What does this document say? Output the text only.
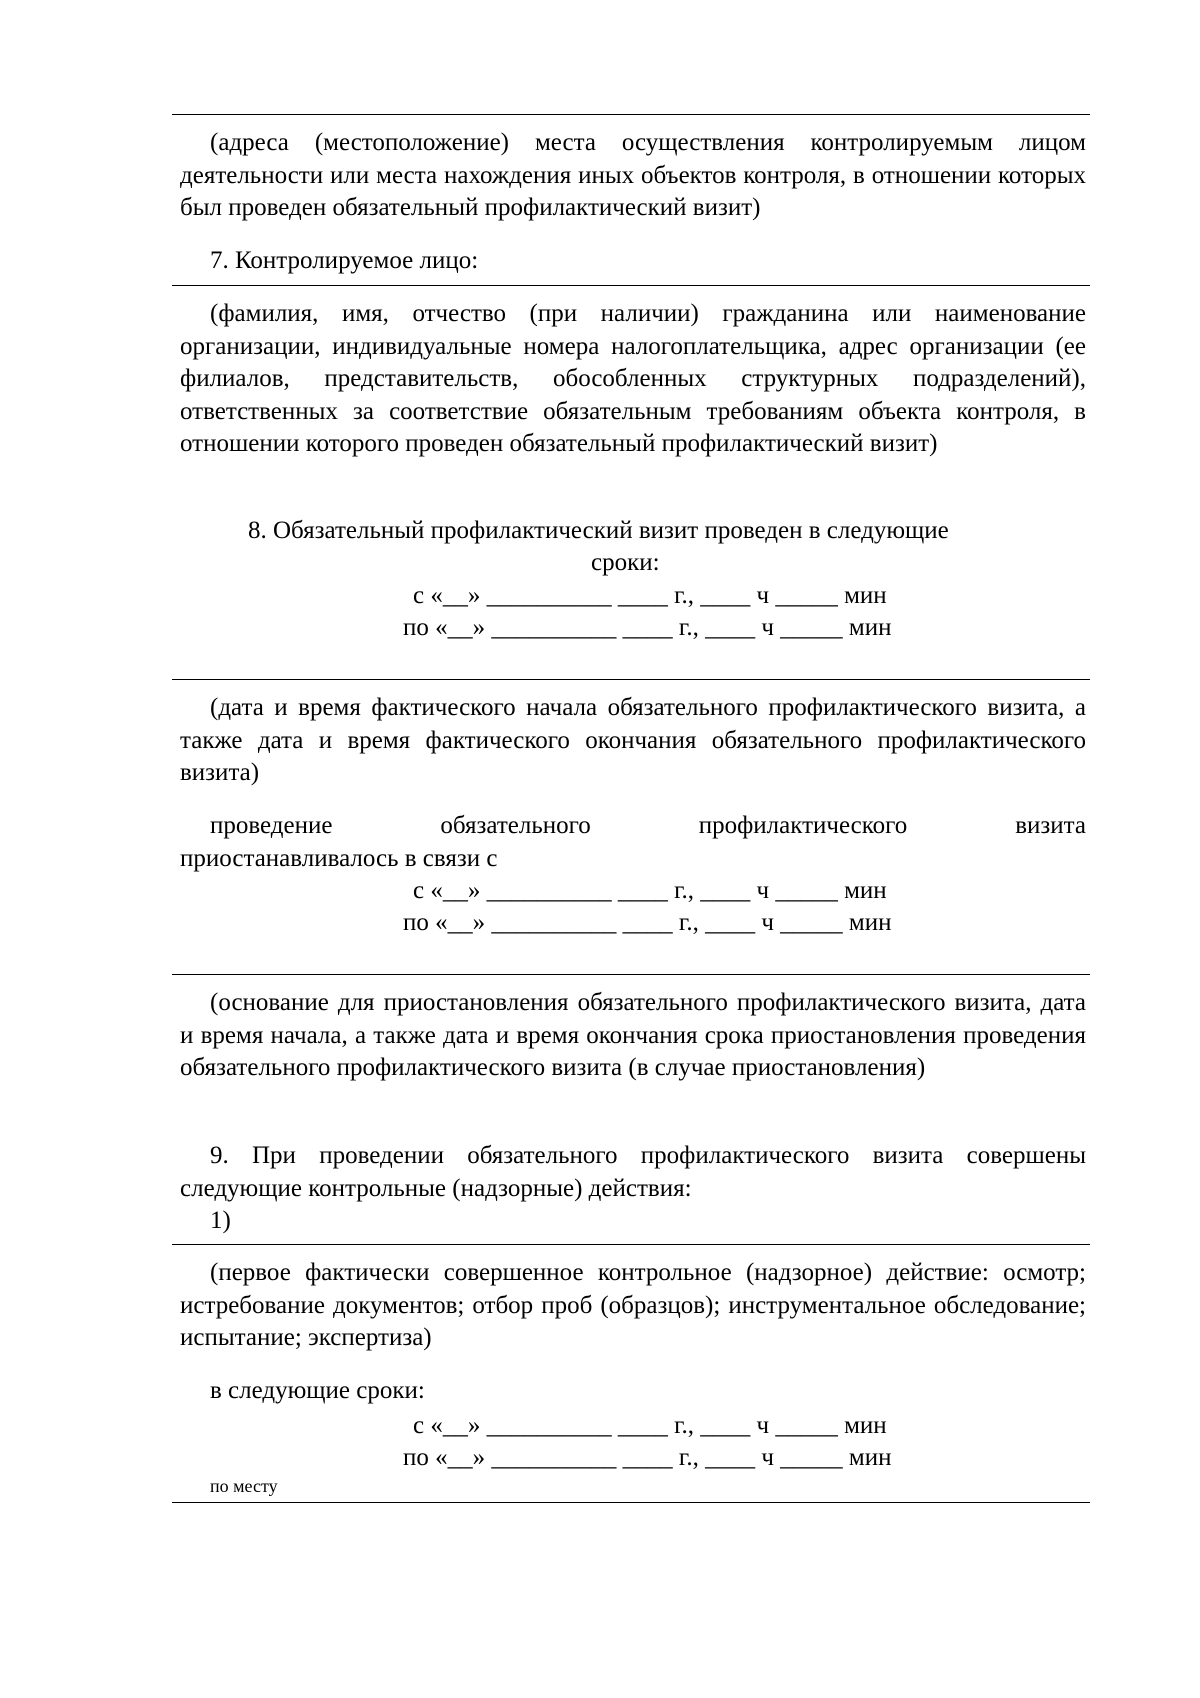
(адреса (местоположение) места осуществления контролируемым лицом деятельности или места нахождения иных объектов контроля, в отношении которых был проведен обязательный профилактический визит)
7. Контролируемое лицо:
(фамилия, имя, отчество (при наличии) гражданина или наименование организации, индивидуальные номера налогоплательщика, адрес организации (ее филиалов, представительств, обособленных структурных подразделений), ответственных за соответствие обязательным требованиям объекта контроля, в отношении которого проведен обязательный профилактический визит)
8. Обязательный профилактический визит проведен в следующие
сроки:
с «__» __________ ____ г., ____ ч _____ мин
по «__» __________ ____ г., ____ ч _____ мин
(дата и время фактического начала обязательного профилактического визита, а также дата и время фактического окончания обязательного профилактического визита)
проведение обязательного профилактического визита
приостанавливалось в связи с
с «__» __________ ____ г., ____ ч _____ мин
по «__» __________ ____ г., ____ ч _____ мин
(основание для приостановления обязательного профилактического визита, дата и время начала, а также дата и время окончания срока приостановления проведения обязательного профилактического визита (в случае приостановления)
9. При проведении обязательного профилактического визита совершены следующие контрольные (надзорные) действия:
1)
(первое фактически совершенное контрольное (надзорное) действие: осмотр; истребование документов; отбор проб (образцов); инструментальное обследование; испытание; экспертиза)
в следующие сроки:
с «__» __________ ____ г., ____ ч _____ мин
по «__» __________ ____ г., ____ ч _____ мин
по месту
